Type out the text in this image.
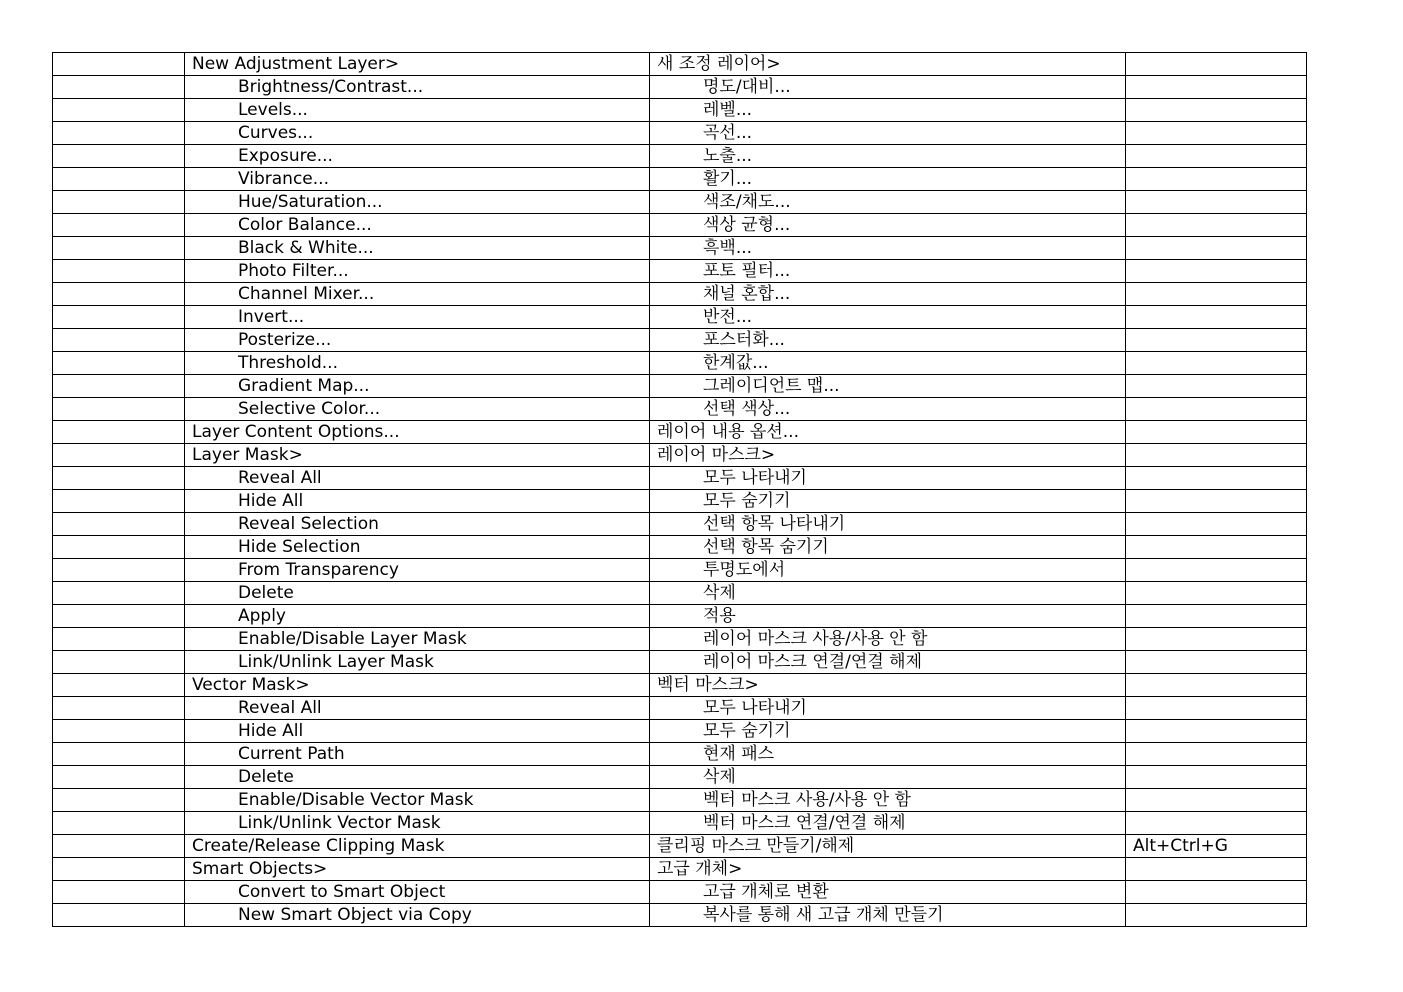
	New Adjustment Layer>	새 조정 레이어>	
	Brightness/Contrast...	명도/대비...	
	Levels...	레벨...	
	Curves...	곡선...	
	Exposure...	노출...	
	Vibrance...	활기...	
	Hue/Saturation...	색조/채도...	
	Color Balance...	색상 균형...	
	Black & White...	흑백...	
	Photo Filter...	포토 필터...	
	Channel Mixer...	채널 혼합...	
	Invert...	반전...	
	Posterize...	포스터화...	
	Threshold...	한계값...	
	Gradient Map...	그레이디언트 맵...	
	Selective Color...	선택 색상...	
	Layer Content Options...	레이어 내용 옵션...	
	Layer Mask>	레이어 마스크>	
	Reveal All	모두 나타내기	
	Hide All	모두 숨기기	
	Reveal Selection	선택 항목 나타내기	
	Hide Selection	선택 항목 숨기기	
	From Transparency	투명도에서	
	Delete	삭제	
	Apply	적용	
	Enable/Disable Layer Mask	레이어 마스크 사용/사용 안 함	
	Link/Unlink Layer Mask	레이어 마스크 연결/연결 해제	
	Vector Mask>	벡터 마스크>	
	Reveal All	모두 나타내기	
	Hide All	모두 숨기기	
	Current Path	현재 패스	
	Delete	삭제	
	Enable/Disable Vector Mask	벡터 마스크 사용/사용 안 함	
	Link/Unlink Vector Mask	벡터 마스크 연결/연결 해제	
	Create/Release Clipping Mask	클리핑 마스크 만들기/해제	Alt+Ctrl+G
	Smart Objects>	고급 개체>	
	Convert to Smart Object	고급 개체로 변환	
	New Smart Object via Copy	복사를 통해 새 고급 개체 만들기	
